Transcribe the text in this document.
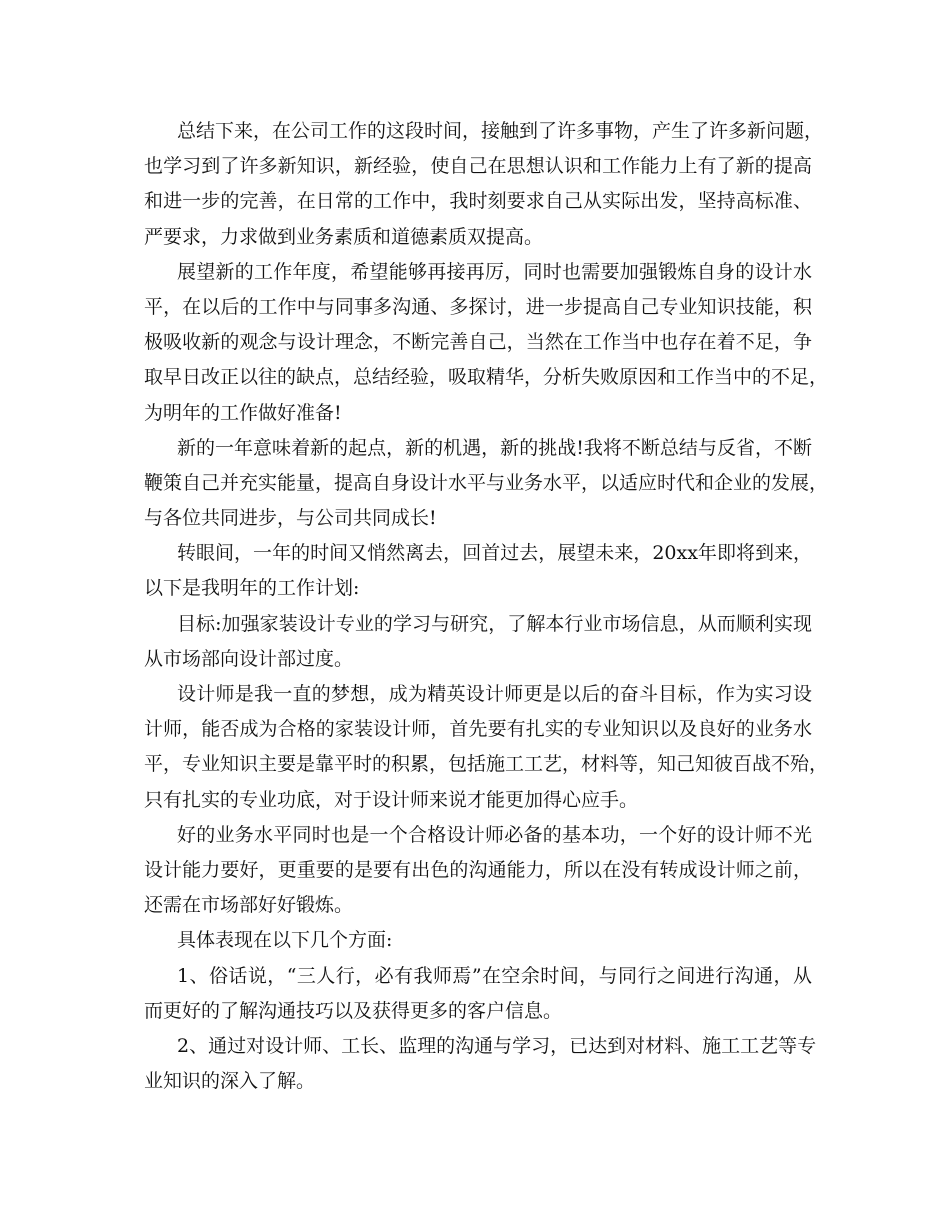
总结下来，在公司工作的这段时间，接触到了许多事物，产生了许多新问题，
也学习到了许多新知识，新经验，使自己在思想认识和工作能力上有了新的提高
和进一步的完善，在日常的工作中，我时刻要求自己从实际出发，坚持高标准、
严要求，力求做到业务素质和道德素质双提高。
展望新的工作年度，希望能够再接再厉，同时也需要加强锻炼自身的设计水
平，在以后的工作中与同事多沟通、多探讨，进一步提高自己专业知识技能，积
极吸收新的观念与设计理念，不断完善自己，当然在工作当中也存在着不足，争
取早日改正以往的缺点，总结经验，吸取精华，分析失败原因和工作当中的不足，
为明年的工作做好准备!
新的一年意味着新的起点，新的机遇，新的挑战!我将不断总结与反省，不断
鞭策自己并充实能量，提高自身设计水平与业务水平，以适应时代和企业的发展，
与各位共同进步，与公司共同成长!
转眼间，一年的时间又悄然离去，回首过去，展望未来，20xx年即将到来，
以下是我明年的工作计划:
目标:加强家装设计专业的学习与研究，了解本行业市场信息，从而顺利实现
从市场部向设计部过度。
设计师是我一直的梦想，成为精英设计师更是以后的奋斗目标，作为实习设
计师，能否成为合格的家装设计师，首先要有扎实的专业知识以及良好的业务水
平，专业知识主要是靠平时的积累，包括施工工艺，材料等，知己知彼百战不殆，
只有扎实的专业功底，对于设计师来说才能更加得心应手。
好的业务水平同时也是一个合格设计师必备的基本功，一个好的设计师不光
设计能力要好，更重要的是要有出色的沟通能力，所以在没有转成设计师之前，
还需在市场部好好锻炼。
具体表现在以下几个方面:
1、俗话说，“三人行，必有我师焉”在空余时间，与同行之间进行沟通，从
而更好的了解沟通技巧以及获得更多的客户信息。
2、通过对设计师、工长、监理的沟通与学习，已达到对材料、施工工艺等专
业知识的深入了解。
